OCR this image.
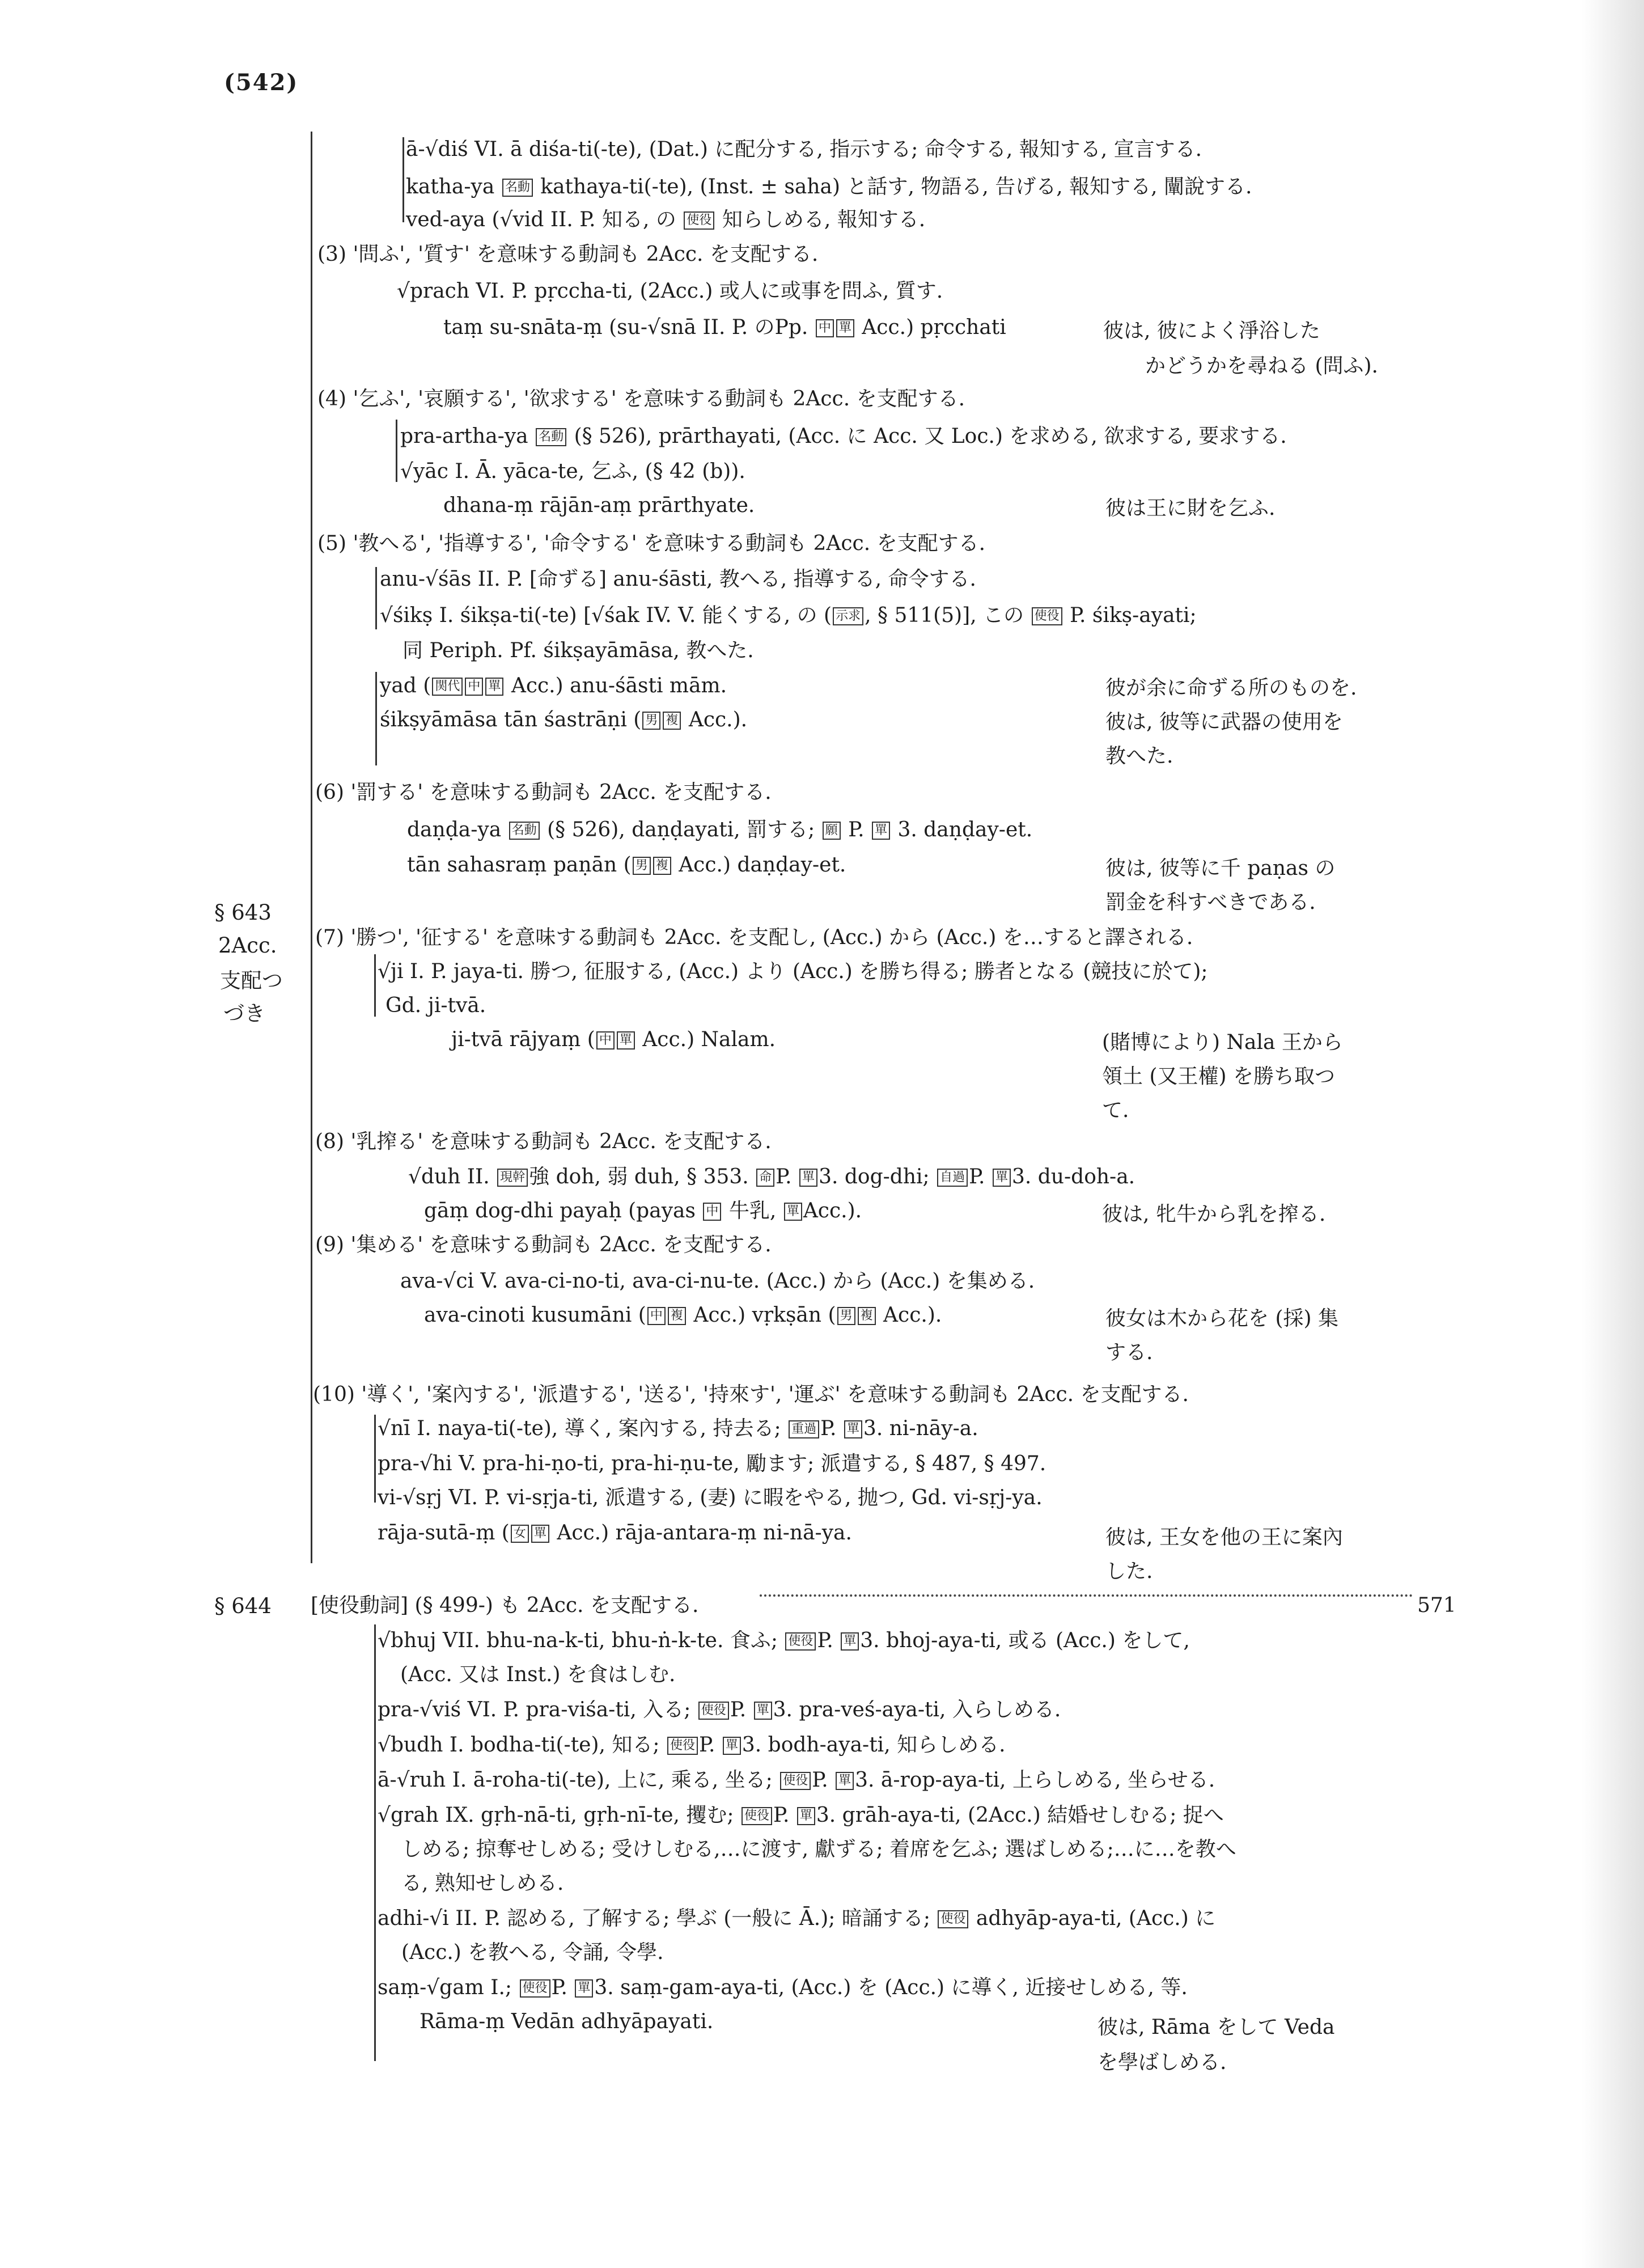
(542)
§ 643
2Acc.
支配つ
づき
§ 644
ā-√diś VI. ā diśa-ti(-te), (Dat.) に配分する, 指示する; 命令する, 報知する, 宣言する.
katha-ya 名動 kathaya-ti(-te), (Inst. ± saha) と話す, 物語る, 告げる, 報知する, 闡說する.
ved-aya (√vid II. P. 知る, の 使役 知らしめる, 報知する.
(3) '問ふ', '質す' を意味する動詞も 2Acc. を支配する.
√prach VI. P. pṛccha-ti, (2Acc.) 或人に或事を問ふ, 質す.
taṃ su-snāta-ṃ (su-√snā II. P. のPp. 中 單 Acc.) pṛcchati	彼は, 彼によく淨浴した
かどうかを尋ねる (問ふ).
(4) '乞ふ', '哀願する', '欲求する' を意味する動詞も 2Acc. を支配する.
pra-artha-ya 名動 (§ 526), prārthayati, (Acc. に Acc. 又 Loc.) を求める, 欲求する, 要求する.
√yāc I. Ā. yāca-te, 乞ふ, (§ 42 (b)).
dhana-ṃ rājān-aṃ prārthyate.	彼は王に財を乞ふ.
(5) '教へる', '指導する', '命令する' を意味する動詞も 2Acc. を支配する.
anu-√śās II. P. [命ずる] anu-śāsti, 教へる, 指導する, 命令する.
√śikṣ I. śikṣa-ti(-te) [√śak IV. V. 能くする, の ( 示求 , § 511(5)], この 使役 P. śikṣ-ayati;
同 Periph. Pf. śikṣayāmāsa, 教へた.
yad ( 関代 中 單 Acc.) anu-śāsti mām.	彼が余に命ずる所のものを.
śikṣyāmāsa tān śastrāṇi ( 男 複 Acc.).	彼は, 彼等に武器の使用を
教へた.
(6) '罰する' を意味する動詞も 2Acc. を支配する.
daṇḍa-ya 名動 (§ 526), daṇḍayati, 罰する; 願 P. 單 3. daṇḍay-et.
tān sahasraṃ paṇān ( 男 複 Acc.) daṇḍay-et.	彼は, 彼等に千 paṇas の
罰金を科すべきである.
(7) '勝つ', '征する' を意味する動詞も 2Acc. を支配し, (Acc.) から (Acc.) を…すると譯される.
√ji I. P. jaya-ti. 勝つ, 征服する, (Acc.) より (Acc.) を勝ち得る; 勝者となる (競技に於て);
Gd. ji-tvā.
ji-tvā rājyaṃ ( 中 單 Acc.) Nalam.	(賭博により) Nala 王から
領土 (又王權) を勝ち取つ
て.
(8) '乳搾る' を意味する動詞も 2Acc. を支配する.
√duh II. 現幹 強 doh, 弱 duh, § 353. 命 P. 單 3. dog-dhi; 自過 P. 單 3. du-doh-a.
gāṃ dog-dhi payaḥ (payas 中 牛乳, 單 Acc.).	彼は, 牝牛から乳を搾る.
(9) '集める' を意味する動詞も 2Acc. を支配する.
ava-√ci V. ava-ci-no-ti, ava-ci-nu-te. (Acc.) から (Acc.) を集める.
ava-cinoti kusumāni ( 中 複 Acc.) vṛkṣān ( 男 複 Acc.).	彼女は木から花を (採) 集
する.
(10) '導く', '案內する', '派遣する', '送る', '持來す', '運ぶ' を意味する動詞も 2Acc. を支配する.
√nī I. naya-ti(-te), 導く, 案內する, 持去る; 重過 P. 單 3. ni-nāy-a.
pra-√hi V. pra-hi-ṇo-ti, pra-hi-ṇu-te, 勵ます; 派遣する, § 487, § 497.
vi-√sṛj VI. P. vi-sṛja-ti, 派遣する, (妻) に暇をやる, 抛つ, Gd. vi-sṛj-ya.
rāja-sutā-ṃ ( 女 單 Acc.) rāja-antara-ṃ ni-nā-ya.	彼は, 王女を他の王に案內
した.
[使役動詞] (§ 499-) も 2Acc. を支配する.	571
√bhuj VII. bhu-na-k-ti, bhu-ṅ-k-te. 食ふ; 使役 P. 單 3. bhoj-aya-ti, 或る (Acc.) をして,
(Acc. 又は Inst.) を食はしむ.
pra-√viś VI. P. pra-viśa-ti, 入る; 使役 P. 單 3. pra-veś-aya-ti, 入らしめる.
√budh I. bodha-ti(-te), 知る; 使役 P. 單 3. bodh-aya-ti, 知らしめる.
ā-√ruh I. ā-roha-ti(-te), 上に, 乘る, 坐る; 使役 P. 單 3. ā-rop-aya-ti, 上らしめる, 坐らせる.
√grah IX. gṛh-nā-ti, gṛh-nī-te, 攫む; 使役 P. 單 3. grāh-aya-ti, (2Acc.) 結婚せしむる; 捉へ
しめる; 掠奪せしめる; 受けしむる,…に渡す, 獻ずる; 着席を乞ふ; 選ばしめる;…に…を教へ
る, 熟知せしめる.
adhi-√i II. P. 認める, 了解する; 學ぶ (一般に Ā.); 暗誦する; 使役 adhyāp-aya-ti, (Acc.) に
(Acc.) を教へる, 令誦, 令學.
saṃ-√gam I.; 使役 P. 單 3. saṃ-gam-aya-ti, (Acc.) を (Acc.) に導く, 近接せしめる, 等.
Rāma-ṃ Vedān adhyāpayati.	彼は, Rāma をして Veda
を學ばしめる.
